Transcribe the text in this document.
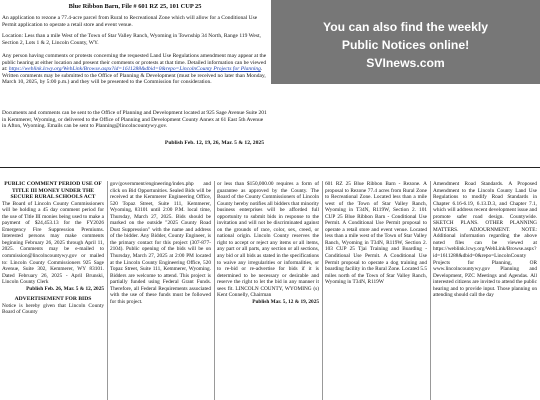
Blue Ribbon Barn, File # 601 RZ 25, 101 CUP 25
An application to rezone a 77.4-acre parcel from Rural to Recreational Zone which will allow for a Conditional Use Permit application to operate a retail store and event venue.
Location: Less than a mile West of the Town of Star Valley Ranch, Wyoming in Township 34 North, Range 119 West, Section 2, Lots 1 & 2, Lincoln County, WY.
Any person having comments or protests concerning the requested Land Use Regulations amendment may appear at the public hearing at either location and present their comments or protests at that time. Detailed information can be viewed at: https://weblink.lcwy.org/WebLink/Browse.aspx?id=1611288&dbid=0&repo=LincolnCounty Projects for Planning. Written comments may be submitted to the Office of Planning & Development (must be received no later than Monday, March 10, 2025, by 5:00 p.m.) and they will be presented to the Commission for consideration.
Documents and comments can be sent to the Office of Planning and Development located at 925 Sage Avenue Suite 201 in Kemmerer, Wyoming, or delivered to the Office of Planning and Development County Annex at 61 East 5th Avenue in Afton, Wyoming. Emails can be sent to Planning@lincolncountywy.gov.
Publish Feb. 12, 19, 26, Mar. 5 & 12, 2025
You can also find the weekly
Public Notices online!
SVInews.com

PUBLIC COMMENT PERIOD USE OF TITLE III MONEY UNDER THE SECURE RURAL SCHOOLS ACT

The Board of Lincoln County Commissioners will be holding a 45 day comment period for the use of Title III monies being used to make a payment of $24,453.13 for the FY2026 Emergency Fire Suppression Premiums. Interested persons may make comments beginning February 26, 2025 through April 11, 2025. Comments may be e-mailed to commission@lincolncountywy.gov or mailed to: Lincoln County Commissioners 925 Sage Avenue, Suite 302, Kemmerer, WY 83101. Dated February 26, 2025 - April Brunski, Lincoln County Clerk

Publish Feb. 26, Mar. 5 & 12, 2025

ADVERTISEMENT FOR BIDS

Notice is hereby given that Lincoln County Board of County

gov/government/engineering/index.php and click on Bid Opportunities. Sealed Bids will be received at the Kemmerer Engineering Office, 520 Topaz Street, Suite 111, Kemmerer, Wyoming, 83101 until 2:00 P.M. local time, Thursday, March 27, 2025. Bids should be marked on the outside "2025 County Road Dust Suppression" with the name and address of the bidder. Any Bidder, County Engineer, is the primary contact for this project (307-877-2104). Public opening of the bids will be on Thursday, March 27, 2025 at 2:00 PM located at the Lincoln County Engineering Office, 520 Topaz Street, Suite 111, Kemmerer, Wyoming. Bidders are welcome to attend. This project is partially funded using Federal Grant Funds. Therefore, all Federal Requirements associated with the use of these funds must be followed for this project.

or less than $150,000.00 requires a form of guarantee as approved by the County. The Board of the County Commissioners of Lincoln County hereby notifies all bidders that minority business enterprises will be afforded full opportunity to submit bids in response to the invitation and will not be discriminated against on the grounds of race, color, sex, creed, or national origin. Lincoln County reserves the right to accept or reject any items or all items, any part or all parts, any section or all sections, any bid or all bids as stated in the specifications to waive any irregularities or informalities, or to re-bid or re-advertise for bids if it is determined to be necessary or desirable and reserve the right to let the bid in any manner it sees fit. LINCOLN COUNTY, WYOMING (s) Kent Connelly, Chairman

Publish Mar. 5, 12 & 19, 2025

601 RZ 25 Blue Ribbon Barn - Rezone. A proposal to Rezone 77.4 acres from Rural Zone to Recreational Zone. Located less than a mile west of the Town of Star Valley Ranch, Wyoming in T34N, R119W, Section 2. 101 CUP 25 Blue Ribbon Barn - Conditional Use Permit. A Conditional Use Permit proposal to operate a retail store and event venue. Located less than a mile west of the Town of Star Valley Ranch, Wyoming in T34N, R119W, Section 2. 103 CUP 25 Tjai Training and Boarding - Conditional Use Permit. A Conditional Use Permit proposal to operate a dog training and boarding facility in the Rural Zone. Located 5.5 miles north of the Town of Star Valley Ranch, Wyoming in T34N, R119W

Amendment Road Standards. A Proposed Amendment to the Lincoln County Land Use Regulations to modify Road Standards in Chapter 6.16-6.19, 6.13.D.3, and Chapter 7.1, which will address recent development issue and promote safer road design. Countywide. SKETCH PLANS. OTHER PLANNING MATTERS. ADJOURNMENT. NOTE: Additional information regarding the above noted files can be viewed at https://weblink.lcwy.org/WebLink/Browse.aspx?id=1611288&dbid=0&repo=LincolnCounty Projects for Planning, OR www.lincolncountywy.gov Planning and Development, PZC Meetings and Agendas. All interested citizens are invited to attend the public hearing and to provide input. Those planning on attending should call the day
